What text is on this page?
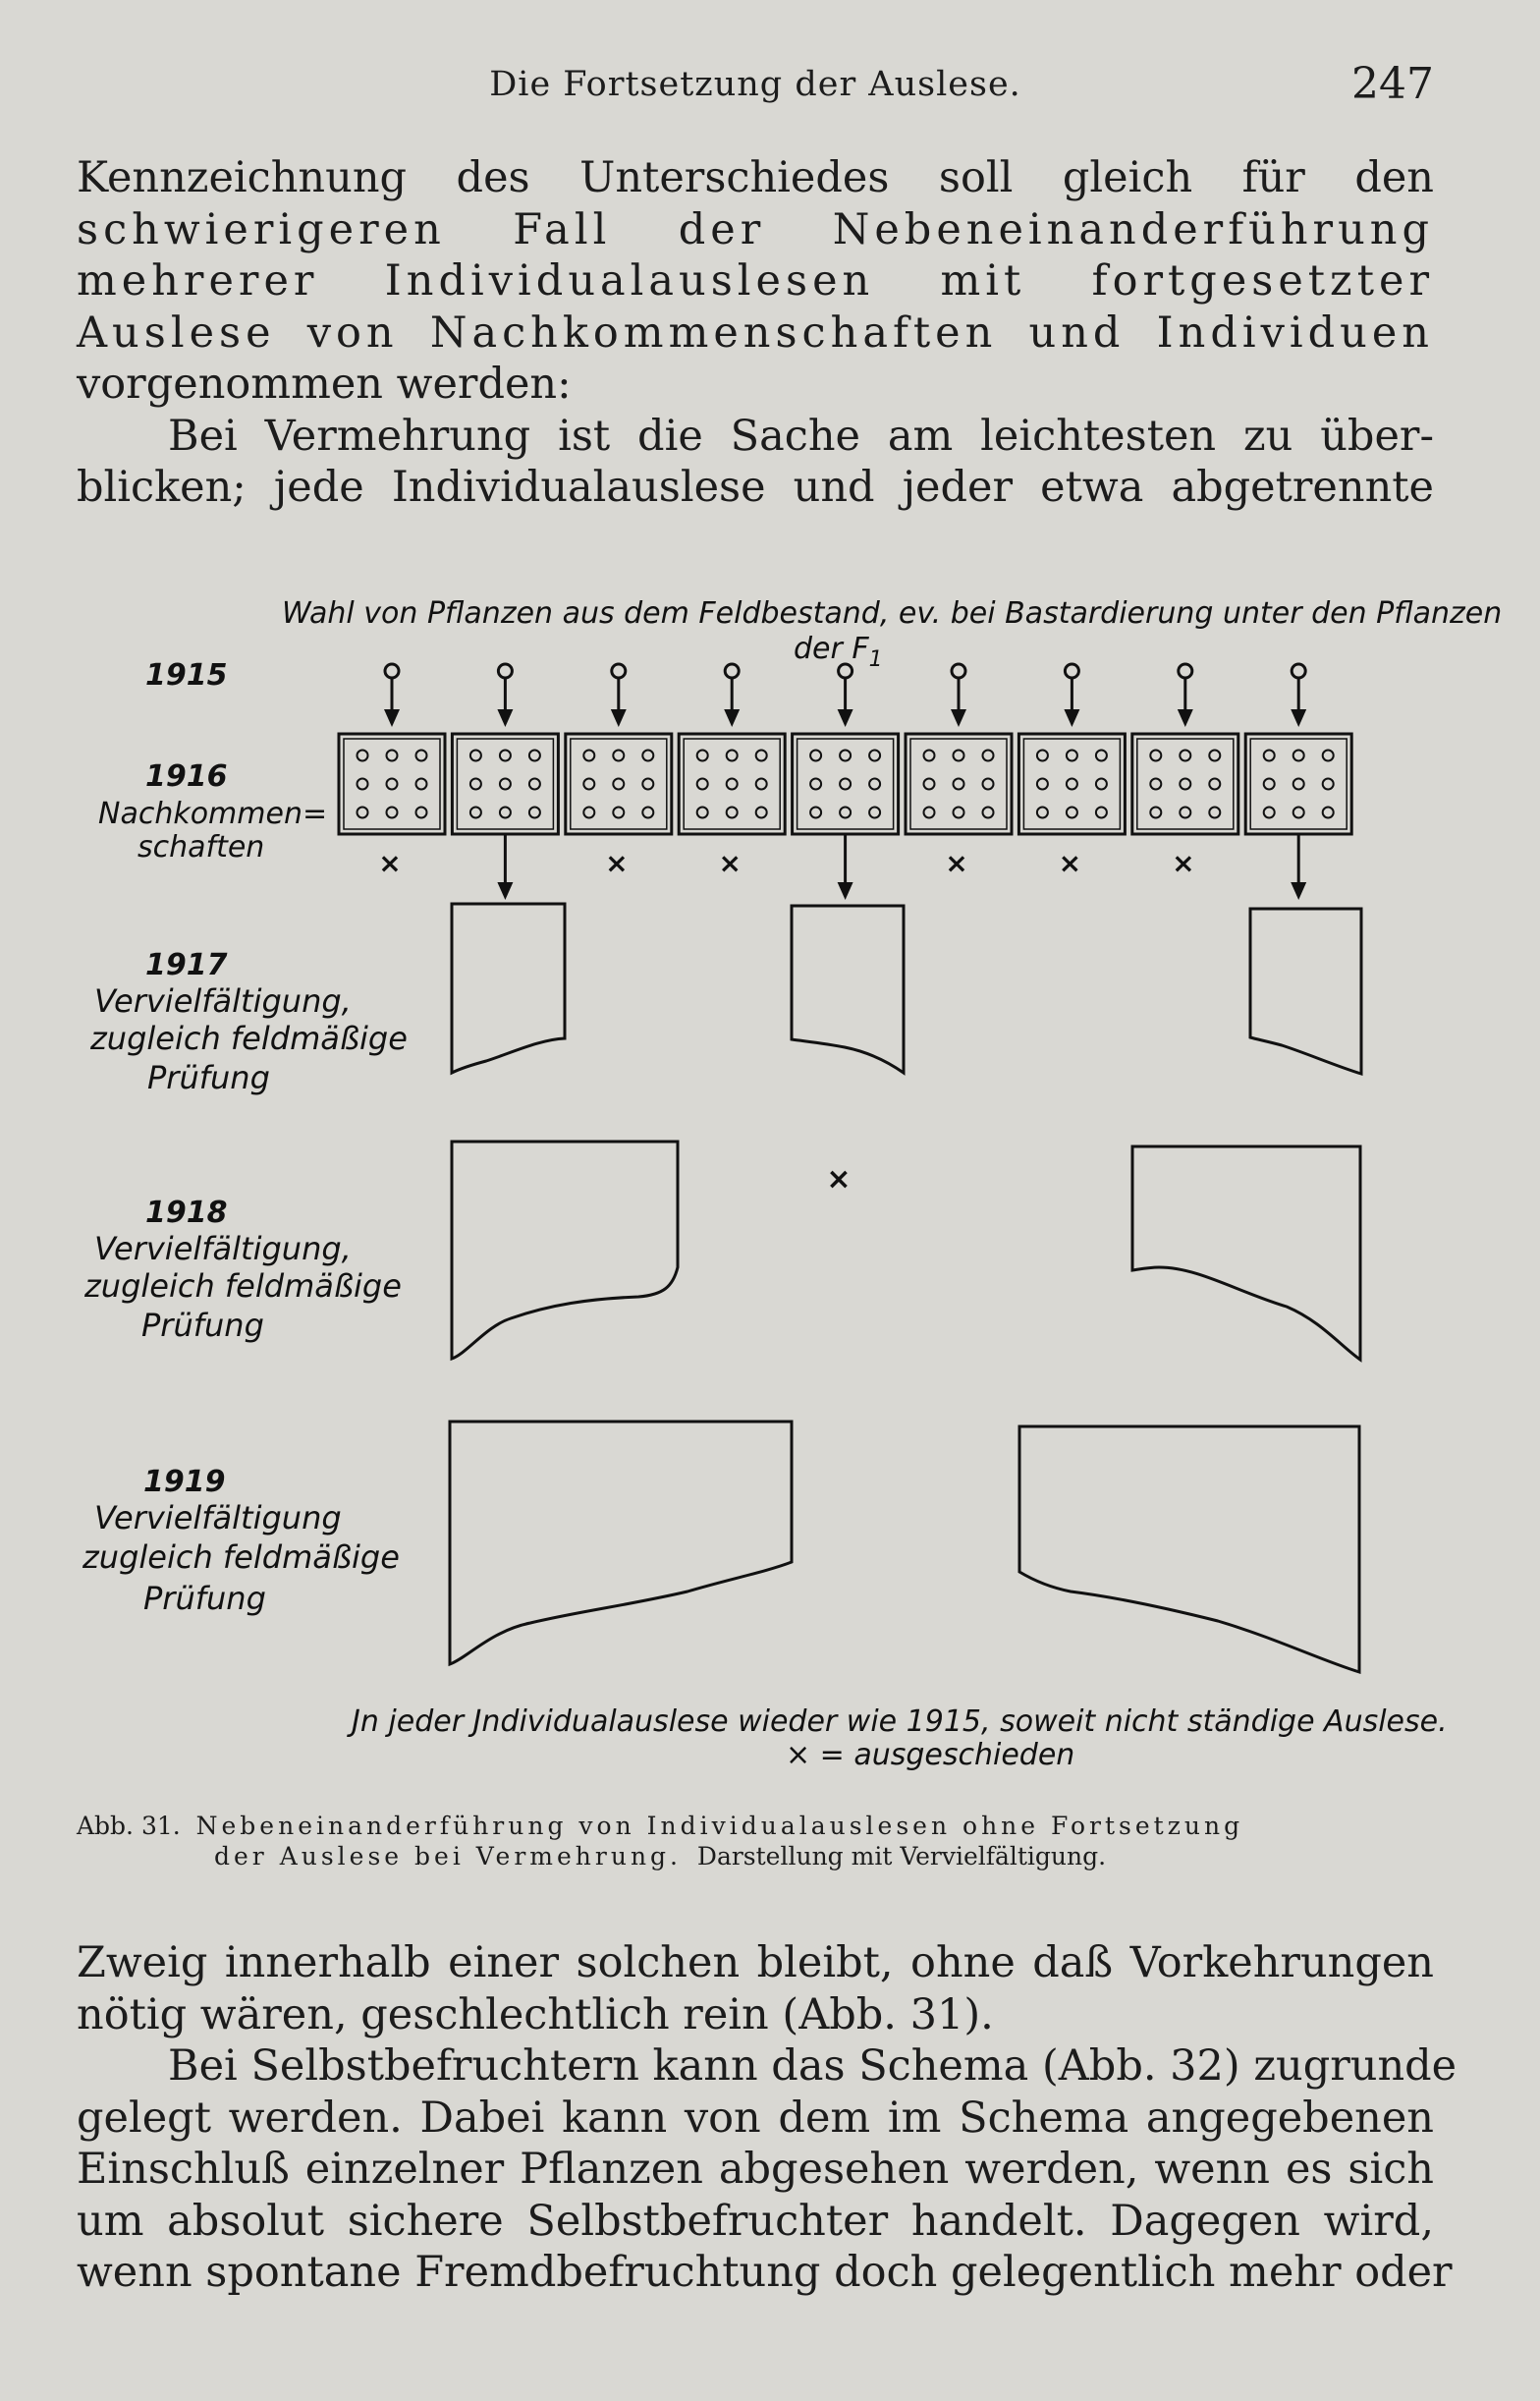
Die Fortsetzung der Auslese.	247
Kennzeichnung des Unterschiedes soll gleich für den
schwierigeren Fall der Nebeneinanderführung
mehrerer Individualauslesen mit fortgesetzter
Auslese von Nachkommenschaften und Individuen
vorgenommen werden:
Bei Vermehrung ist die Sache am leichtesten zu über-
blicken; jede Individualauslese und jeder etwa abgetrennte
×	×	×	×	×	×
Wahl von Pflanzen aus dem Feldbestand, ev. bei Bastardierung unter den Pflanzen
der $F_1$
1915
1916
Nachkommen=
schaften
1917
Vervielfältigung,
zugleich feldmäßige
Prüfung
1918
Vervielfältigung,
zugleich feldmäßige
Prüfung
1919
Vervielfältigung
zugleich feldmäßige
Prüfung
×
Jn jeder Jndividualauslese wieder wie 1915, soweit nicht ständige Auslese.
× = ausgeschieden
Abb. 31. Nebeneinanderführung von Individualauslesen ohne Fortsetzung
der Auslese bei Vermehrung. Darstellung mit Vervielfältigung.
Zweig innerhalb einer solchen bleibt, ohne daß Vorkehrungen
nötig wären, geschlechtlich rein (Abb. 31).
Bei Selbstbefruchtern kann das Schema (Abb. 32) zugrunde
gelegt werden. Dabei kann von dem im Schema angegebenen
Einschluß einzelner Pflanzen abgesehen werden, wenn es sich
um absolut sichere Selbstbefruchter handelt. Dagegen wird,
wenn spontane Fremdbefruchtung doch gelegentlich mehr oder
